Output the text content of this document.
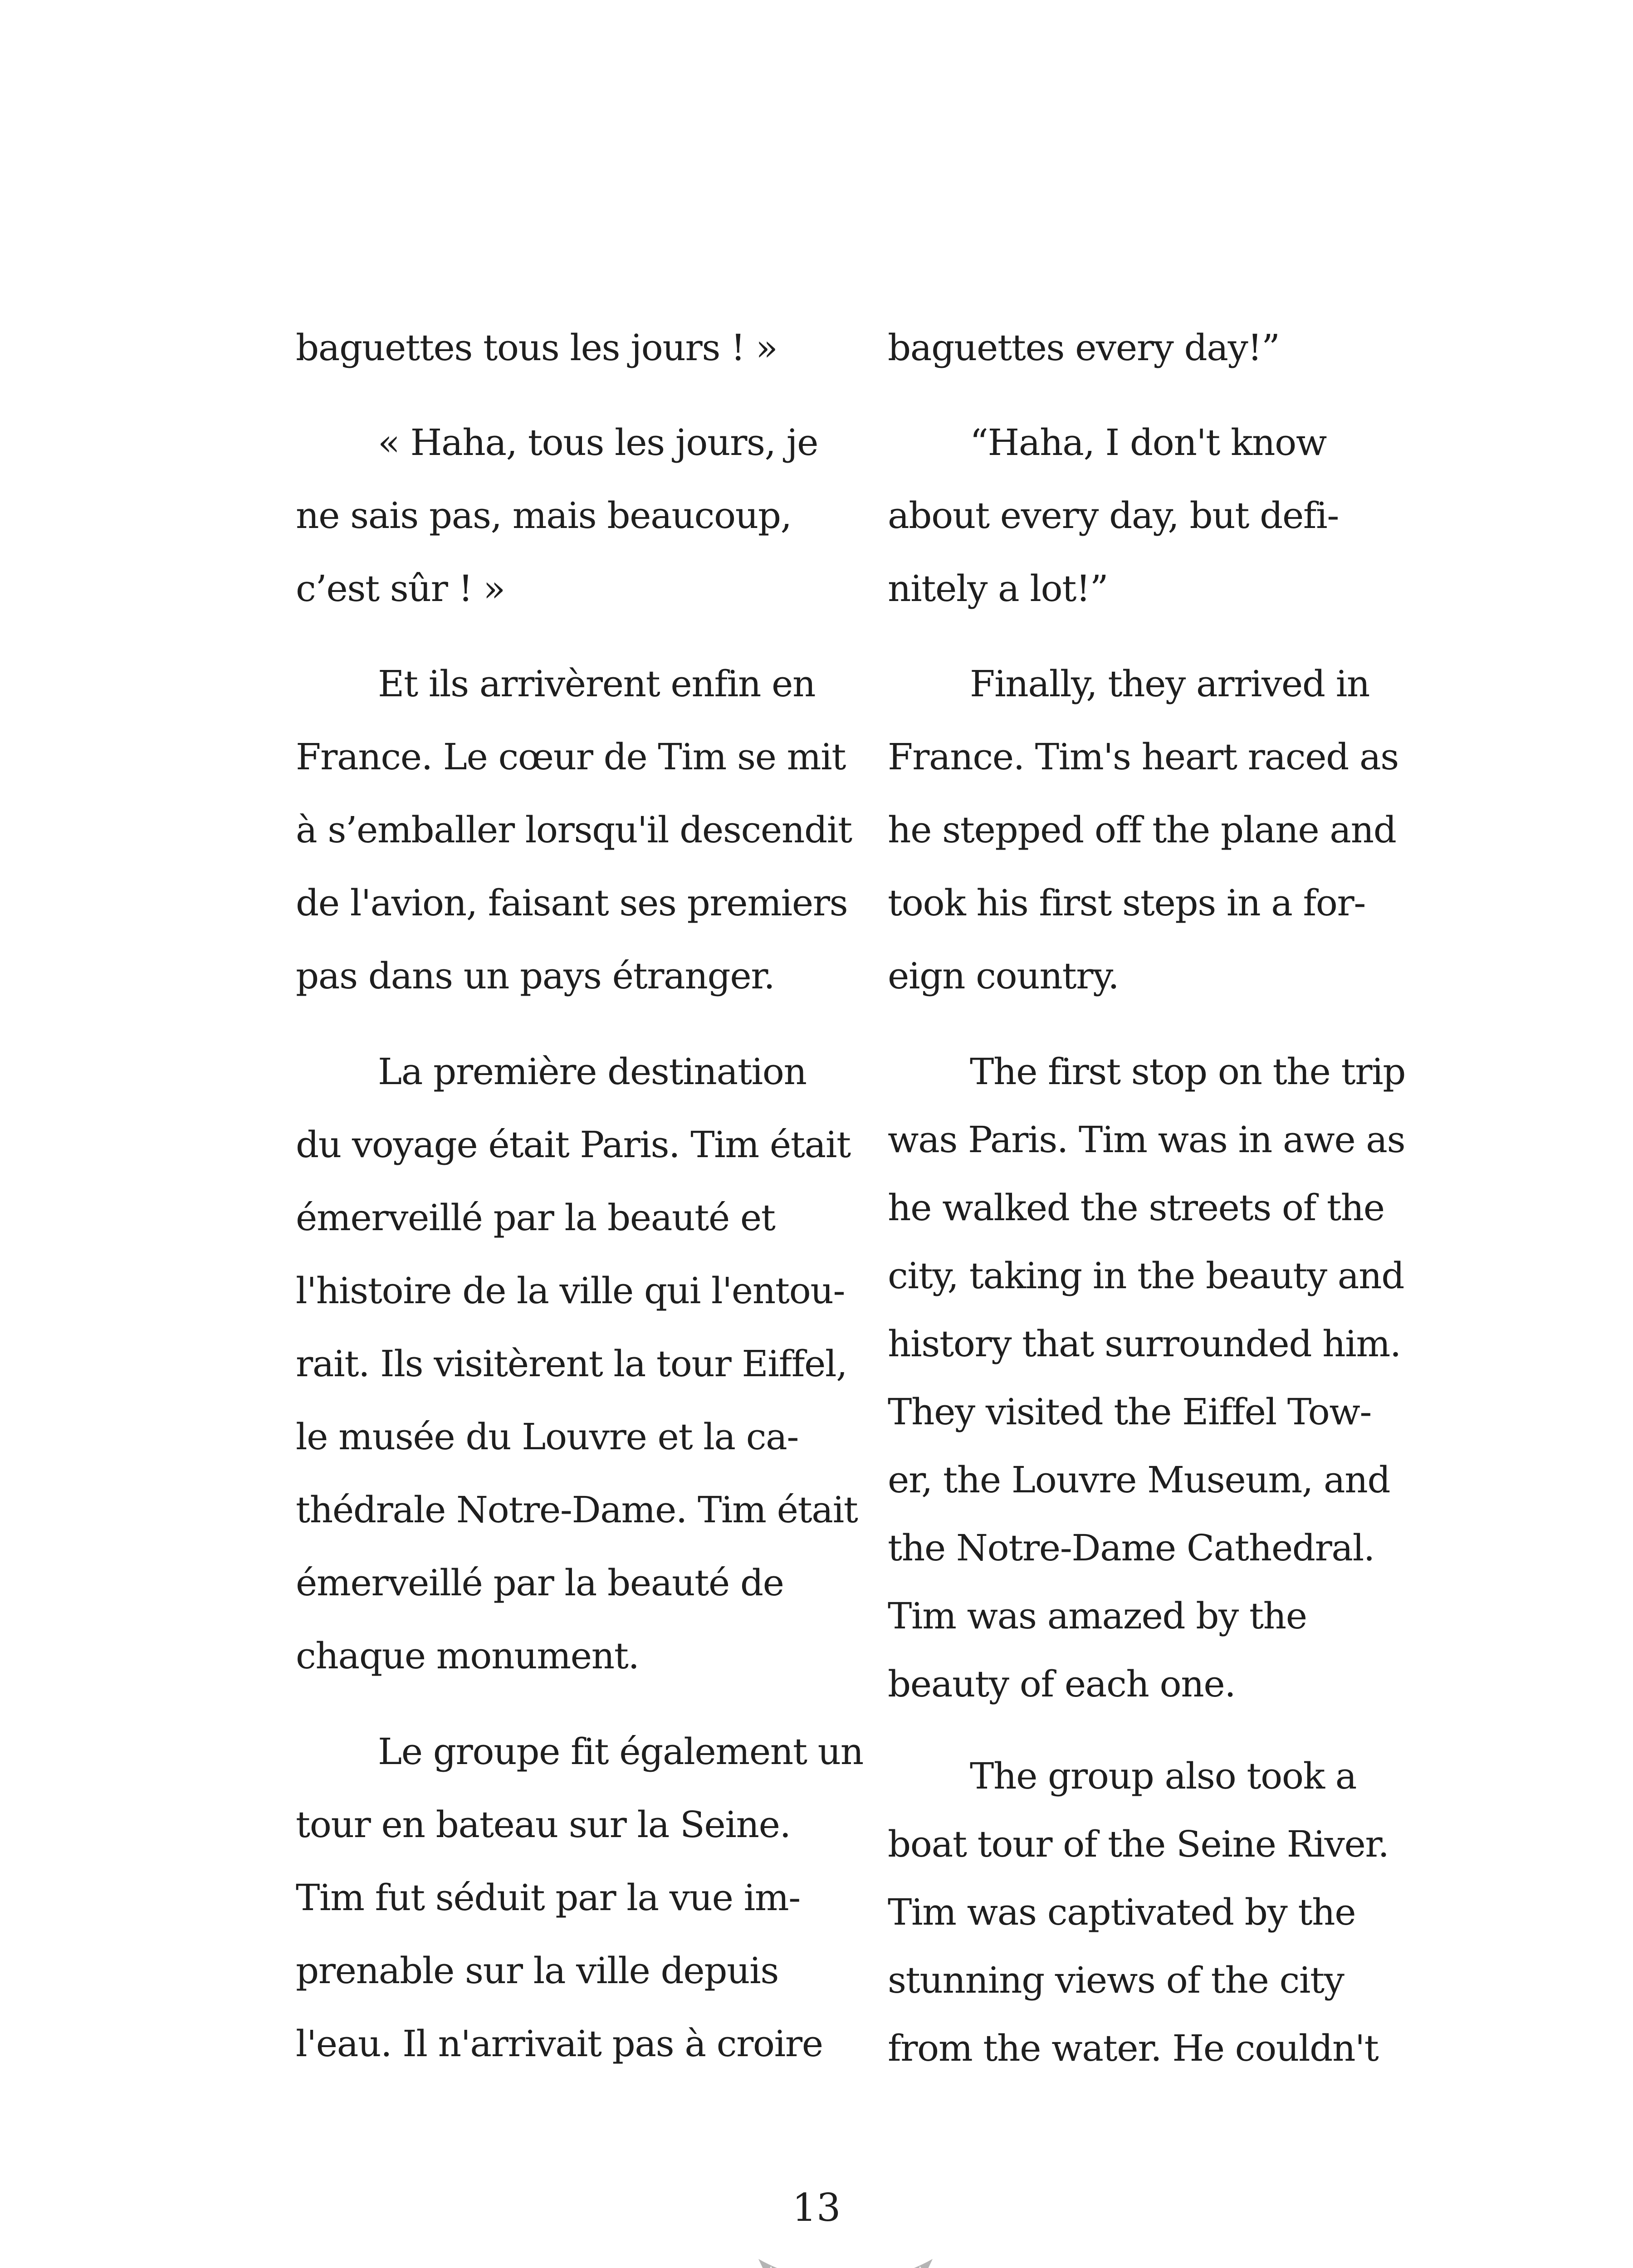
baguettes tous les jours ! »
« Haha, tous les jours, je
ne sais pas, mais beaucoup,
c’est sûr ! »
Et ils arrivèrent enfin en
France. Le cœur de Tim se mit
à s’emballer lorsqu'il descendit
de l'avion, faisant ses premiers
pas dans un pays étranger.
La première destination
du voyage était Paris. Tim était
émerveillé par la beauté et
l'histoire de la ville qui l'entou-
rait. Ils visitèrent la tour Eiffel,
le musée du Louvre et la ca-
thédrale Notre-Dame. Tim était
émerveillé par la beauté de
chaque monument.
Le groupe fit également un
tour en bateau sur la Seine.
Tim fut séduit par la vue im-
prenable sur la ville depuis
l'eau. Il n'arrivait pas à croire
baguettes every day!”
“Haha, I don't know
about every day, but defi-
nitely a lot!”
Finally, they arrived in
France. Tim's heart raced as
he stepped off the plane and
took his first steps in a for-
eign country.
The first stop on the trip
was Paris. Tim was in awe as
he walked the streets of the
city, taking in the beauty and
history that surrounded him.
They visited the Eiffel Tow-
er, the Louvre Museum, and
the Notre-Dame Cathedral.
Tim was amazed by the
beauty of each one.
The group also took a
boat tour of the Seine River.
Tim was captivated by the
stunning views of the city
from the water. He couldn't
13
